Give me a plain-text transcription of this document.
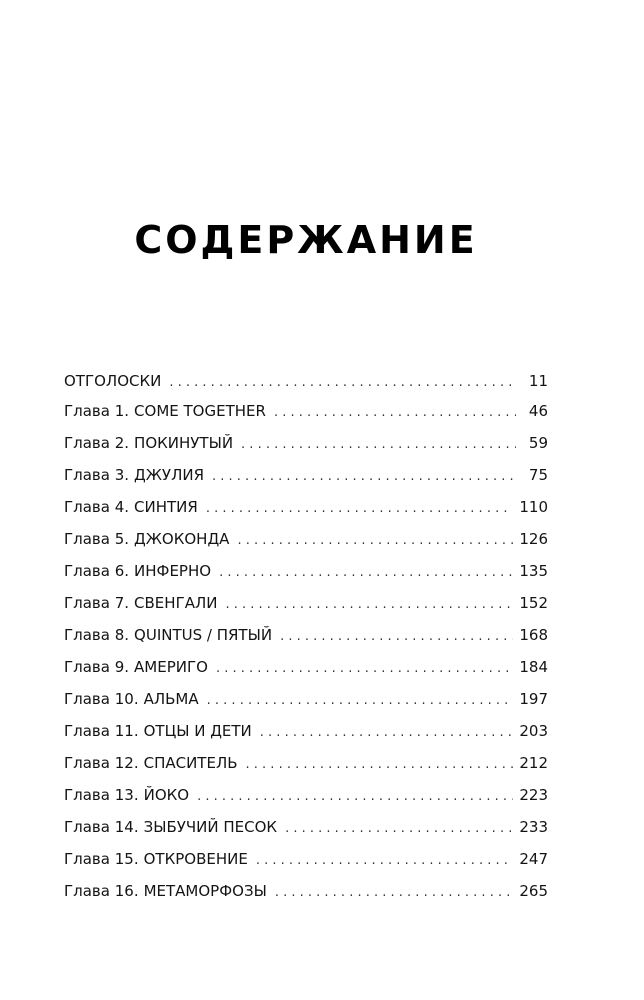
СОДЕРЖАНИЕ
ОТГОЛОСКИ . . .	11
Глава 1. COME TOGETHER . . .	46
Глава 2. ПОКИНУТЫЙ . . .	59
Глава 3. ДЖУЛИЯ . . .	75
Глава 4. СИНТИЯ . . .	110
Глава 5. ДЖОКОНДА . . .	126
Глава 6. ИНФЕРНО . . .	135
Глава 7. СВЕНГАЛИ . . .	152
Глава 8. QUINTUS / ПЯТЫЙ . . .	168
Глава 9. АМЕРИГО . . .	184
Глава 10. АЛЬМА . . .	197
Глава 11. ОТЦЫ И ДЕТИ . . .	203
Глава 12. СПАСИТЕЛЬ . . .	212
Глава 13. ЙОКО . . .	223
Глава 14. ЗЫБУЧИЙ ПЕСОК . . .	233
Глава 15. ОТКРОВЕНИЕ . . .	247
Глава 16. МЕТАМОРФОЗЫ . . .	265
